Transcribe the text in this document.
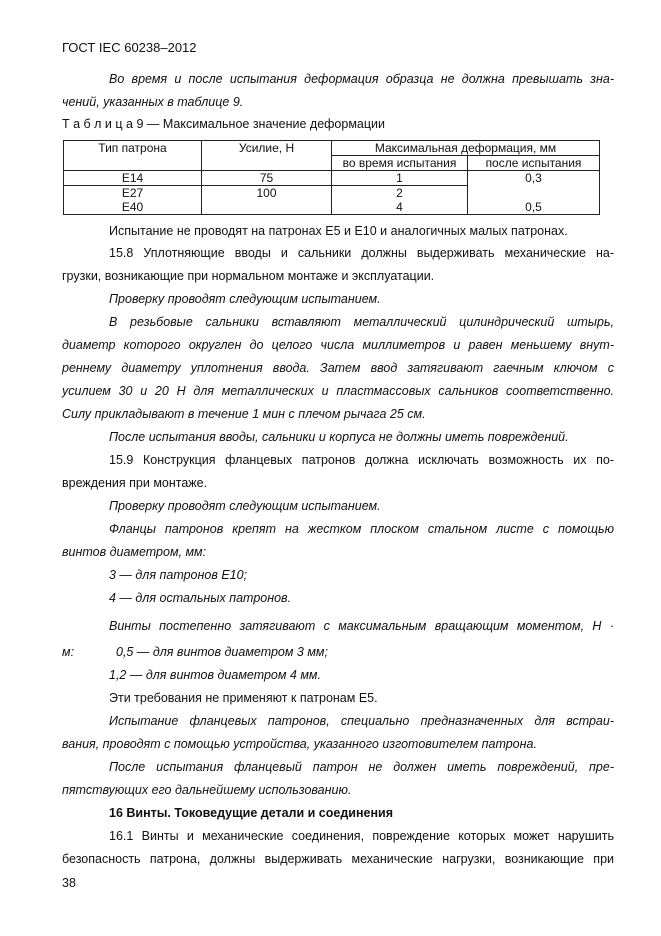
ГОСТ IEC 60238–2012
Во время и после испытания деформация образца не должна превышать зна-
чений, указанных в таблице 9.
Т а б л и ц а 9 — Максимальное значение деформации
Тип патрона	Усилие, Н	Максимальная деформация, мм	
		во время испытания	после испытания
E14	75	1	0,3
E27	100	2	
E40		4	0,5
Испытание не проводят на патронах Е5 и Е10 и аналогичных малых патронах.
15.8 Уплотняющие вводы и сальники должны выдерживать механические на-
грузки, возникающие при нормальном монтаже и эксплуатации.
Проверку проводят следующим испытанием.
В резьбовые сальники вставляют металлический цилиндрический штырь,
диаметр которого округлен до целого числа миллиметров и равен меньшему внут-
реннему диаметру уплотнения ввода. Затем ввод затягивают гаечным ключом с
усилием 30 и 20 Н для металлических и пластмассовых сальников соответственно.
Силу прикладывают в течение 1 мин с плечом рычага 25 см.
После испытания вводы, сальники и корпуса не должны иметь повреждений.
15.9 Конструкция фланцевых патронов должна исключать возможность их по-
вреждения при монтаже.
Проверку проводят следующим испытанием.
Фланцы патронов крепят на жестком плоском стальном листе с помощью
винтов диаметром, мм:
3 — для патронов Е10;
4 — для остальных патронов.
Винты постепенно затягивают с максимальным вращающим моментом, Н ·
м:	0,5 — для винтов диаметром 3 мм;
1,2 — для винтов диаметром 4 мм.
Эти требования не применяют к патронам Е5.
Испытание фланцевых патронов, специально предназначенных для встраи-
вания, проводят с помощью устройства, указанного изготовителем патрона.
После испытания фланцевый патрон не должен иметь повреждений, пре-
пятствующих его дальнейшему использованию.
16 Винты. Токоведущие детали и соединения
16.1 Винты и механические соединения, повреждение которых может нарушить
безопасность патрона, должны выдерживать механические нагрузки, возникающие при
38
